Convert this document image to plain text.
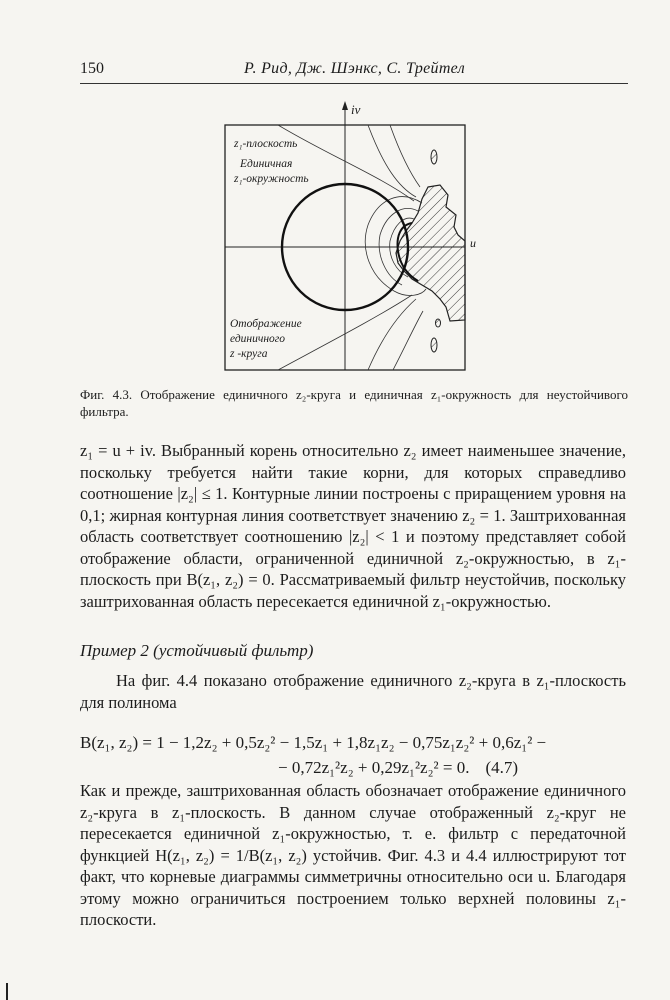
150	Р. Рид, Дж. Шэнкс, С. Трейтел
iv
u
z₁-плоскость
Единичная
z₁-окружность
Отображение
единичного
z -круга
Фиг. 4.3. Отображение единичного z₂-круга и единичная z₁-окружность для неустойчивого фильтра.
z₁ = u + iv. Выбранный корень относительно z₂ имеет наименьшее значение, поскольку требуется найти такие корни, для которых справедливо соотношение |z₂| ≤ 1. Контурные линии построены с приращением уровня на 0,1; жирная контурная линия соответствует значению z₂ = 1. Заштрихованная область соответствует соотношению |z₂| < 1 и поэтому представляет собой отображение области, ограниченной единичной z₂-окружностью, в z₁-плоскость при B(z₁, z₂) = 0. Рассматриваемый фильтр неустойчив, поскольку заштрихованная область пересекается единичной z₁-окружностью.
Пример 2 (устойчивый фильтр)
На фиг. 4.4 показано отображение единичного z₂-круга в z₁-плоскость для полинома
B(z₁, z₂) = 1 − 1,2z₂ + 0,5z₂² − 1,5z₁ + 1,8z₁z₂ − 0,75z₁z₂² + 0,6z₁² −
− 0,72z₁²z₂ + 0,29z₁²z₂² = 0. (4.7)
Как и прежде, заштрихованная область обозначает отображение единичного z₂-круга в z₁-плоскость. В данном случае отображенный z₂-круг не пересекается единичной z₁-окружностью, т. е. фильтр с передаточной функцией H(z₁, z₂) = 1/B(z₁, z₂) устойчив. Фиг. 4.3 и 4.4 иллюстрируют тот факт, что корневые диаграммы симметричны относительно оси u. Благодаря этому можно ограничиться построением только верхней половины z₁-плоскости.
